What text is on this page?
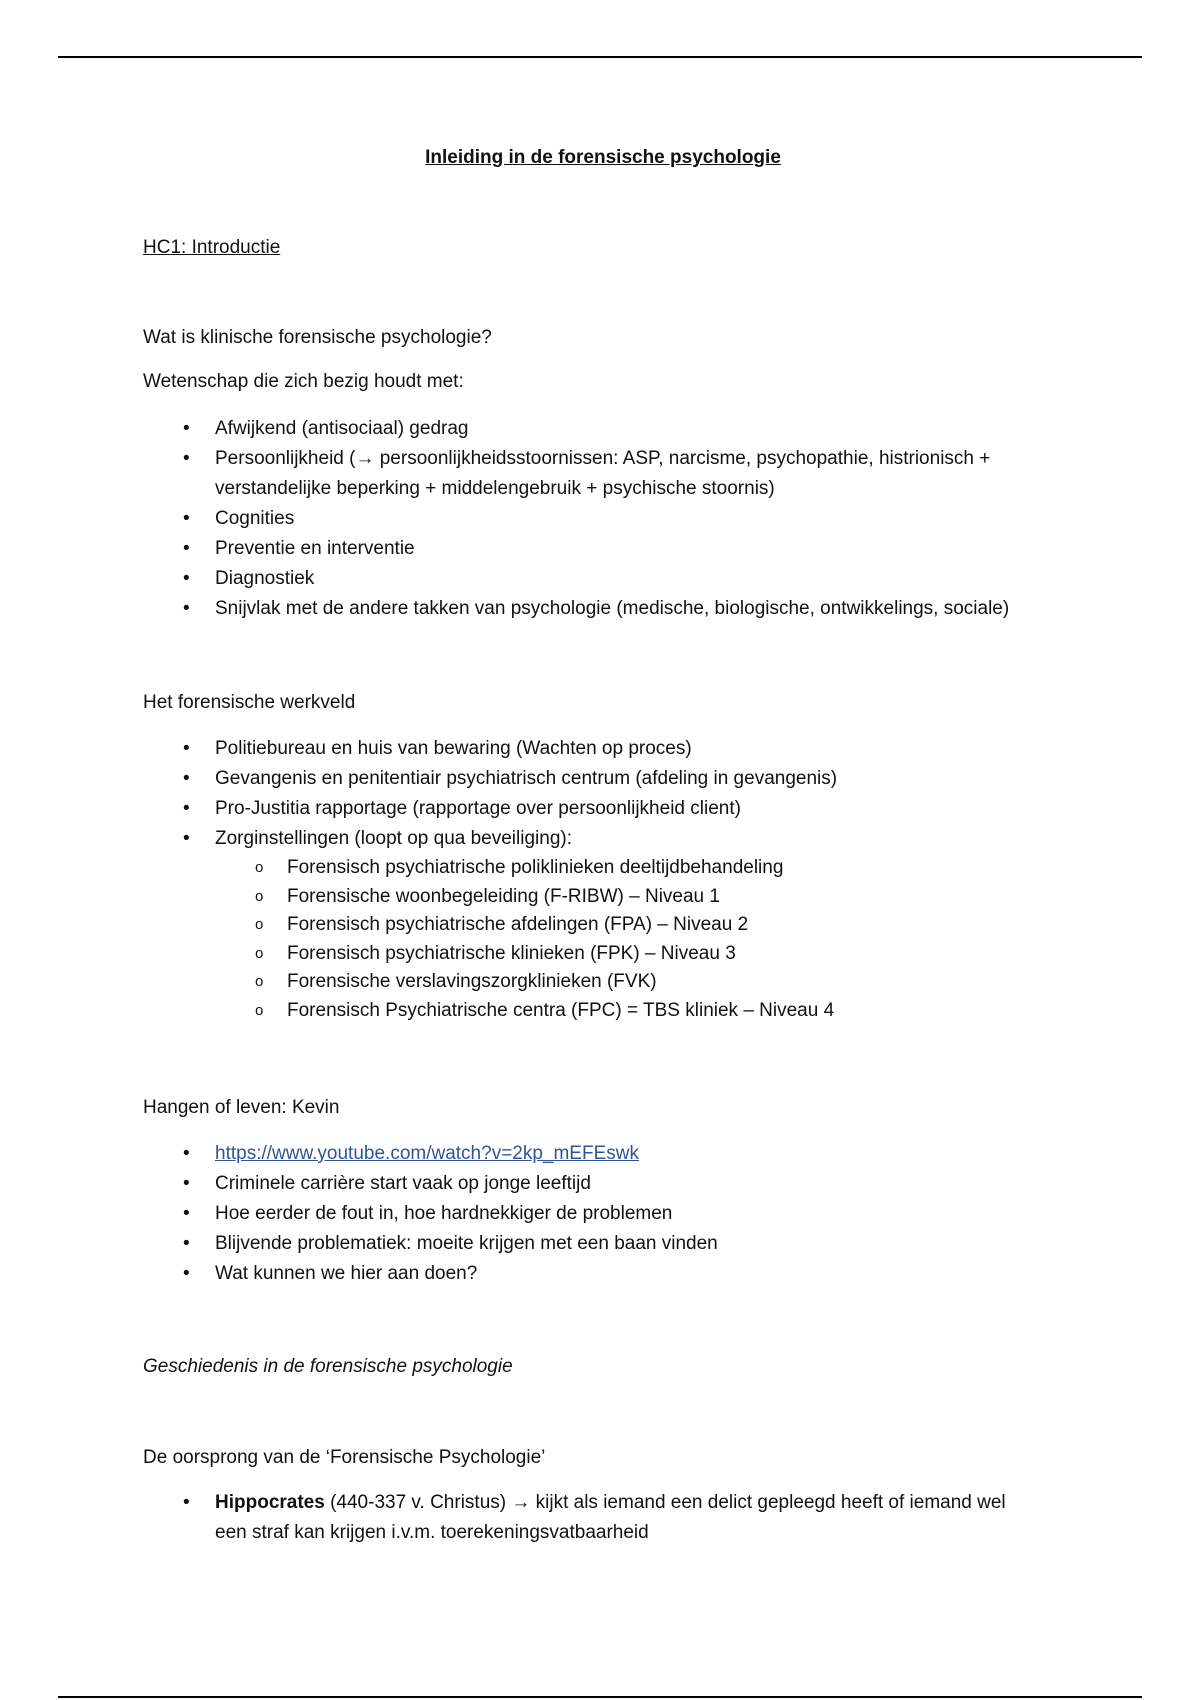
Inleiding in de forensische psychologie
HC1: Introductie
Wat is klinische forensische psychologie?
Wetenschap die zich bezig houdt met:
• Afwijkend (antisociaal) gedrag
• Persoonlijkheid (→ persoonlijkheidsstoornissen: ASP, narcisme, psychopathie, histrionisch + verstandelijke beperking + middelengebruik + psychische stoornis)
• Cognities
• Preventie en interventie
• Diagnostiek
• Snijvlak met de andere takken van psychologie (medische, biologische, ontwikkelings, sociale)
Het forensische werkveld
• Politiebureau en huis van bewaring (Wachten op proces)
• Gevangenis en penitentiair psychiatrisch centrum (afdeling in gevangenis)
• Pro-Justitia rapportage (rapportage over persoonlijkheid client)
• Zorginstellingen (loopt op qua beveiliging):
o Forensisch psychiatrische poliklinieken deeltijdbehandeling
o Forensische woonbegeleiding (F-RIBW) – Niveau 1
o Forensisch psychiatrische afdelingen (FPA) – Niveau 2
o Forensisch psychiatrische klinieken (FPK) – Niveau 3
o Forensische verslavingszorgklinieken (FVK)
o Forensisch Psychiatrische centra (FPC) = TBS kliniek – Niveau 4
Hangen of leven: Kevin
• https://www.youtube.com/watch?v=2kp_mEFEswk
• Criminele carrière start vaak op jonge leeftijd
• Hoe eerder de fout in, hoe hardnekkiger de problemen
• Blijvende problematiek: moeite krijgen met een baan vinden
• Wat kunnen we hier aan doen?
Geschiedenis in de forensische psychologie
De oorsprong van de ‘Forensische Psychologie’
• Hippocrates (440-337 v. Christus) → kijkt als iemand een delict gepleegd heeft of iemand wel een straf kan krijgen i.v.m. toerekeningsvatbaarheid
